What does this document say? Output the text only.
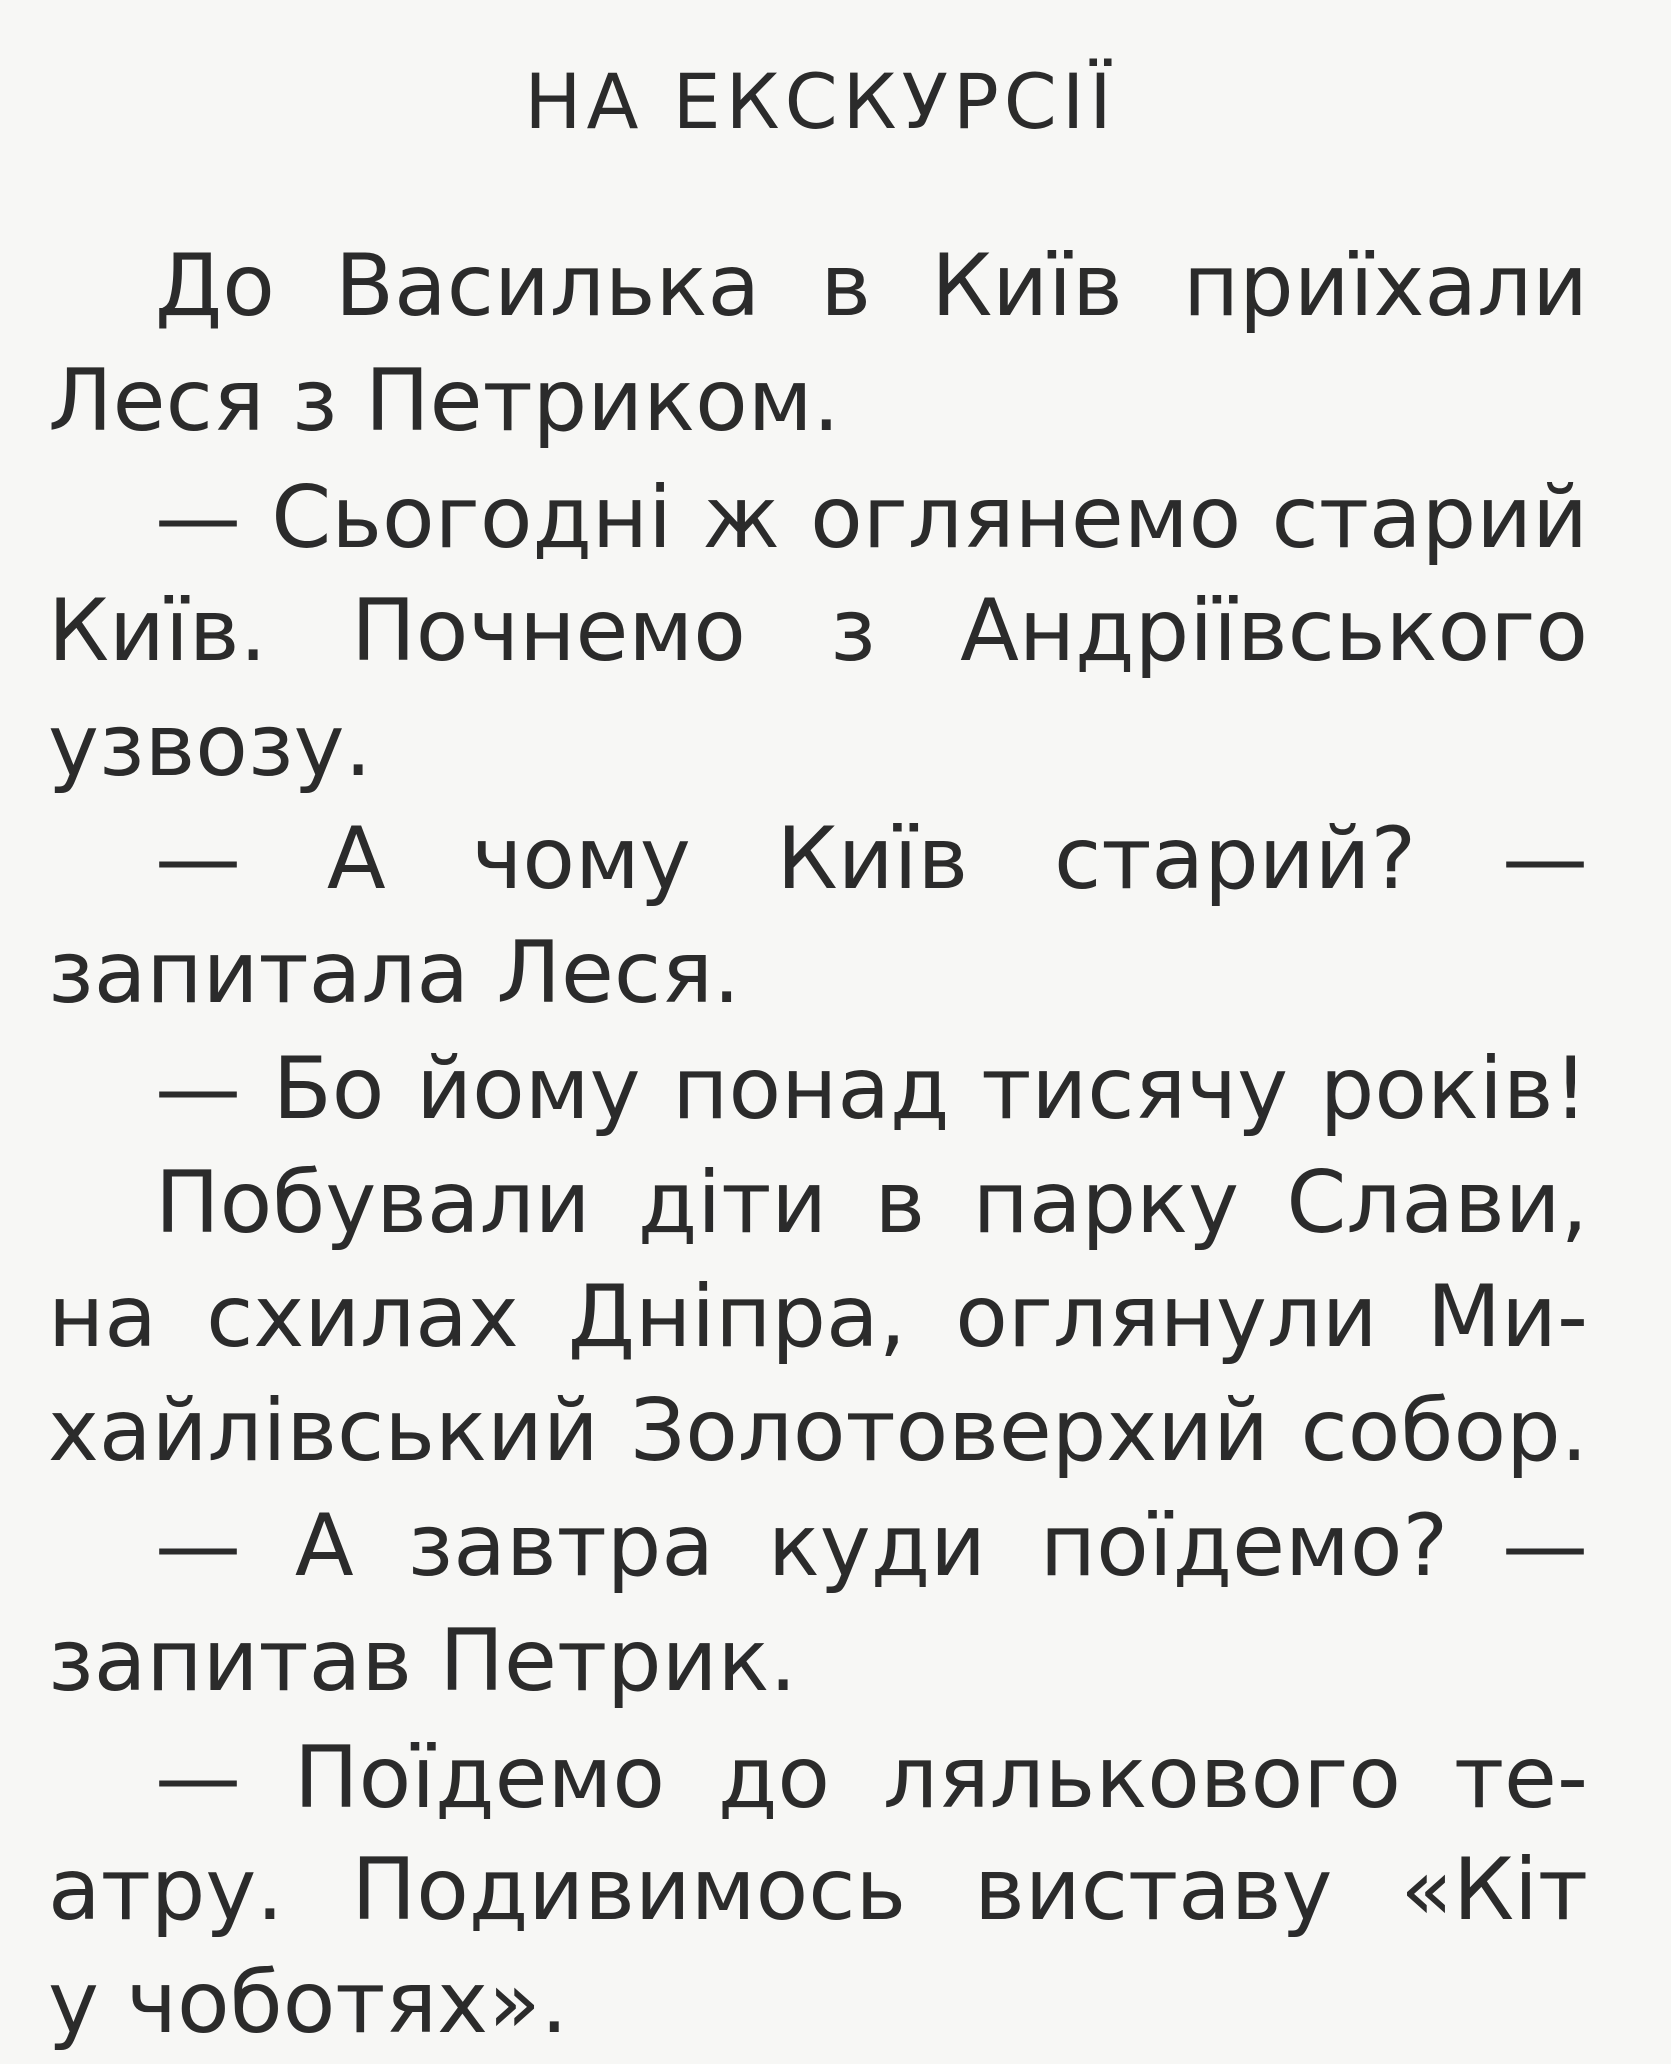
НА ЕКСКУРСІЇ
До Василька в Київ приїхали
Леся з Петриком.
— Сьогодні ж оглянемо старий
Київ. Почнемо з Андріївського
узвозу.
— А чому Київ старий? —
запитала Леся.
— Бо йому понад тисячу років!
Побували діти в парку Слави,
на схилах Дніпра, оглянули Ми-
хайлівський Золотоверхий собор.
— А завтра куди поїдемо? —
запитав Петрик.
— Поїдемо до лялькового те-
атру. Подивимось виставу «Кіт
у чоботях».
